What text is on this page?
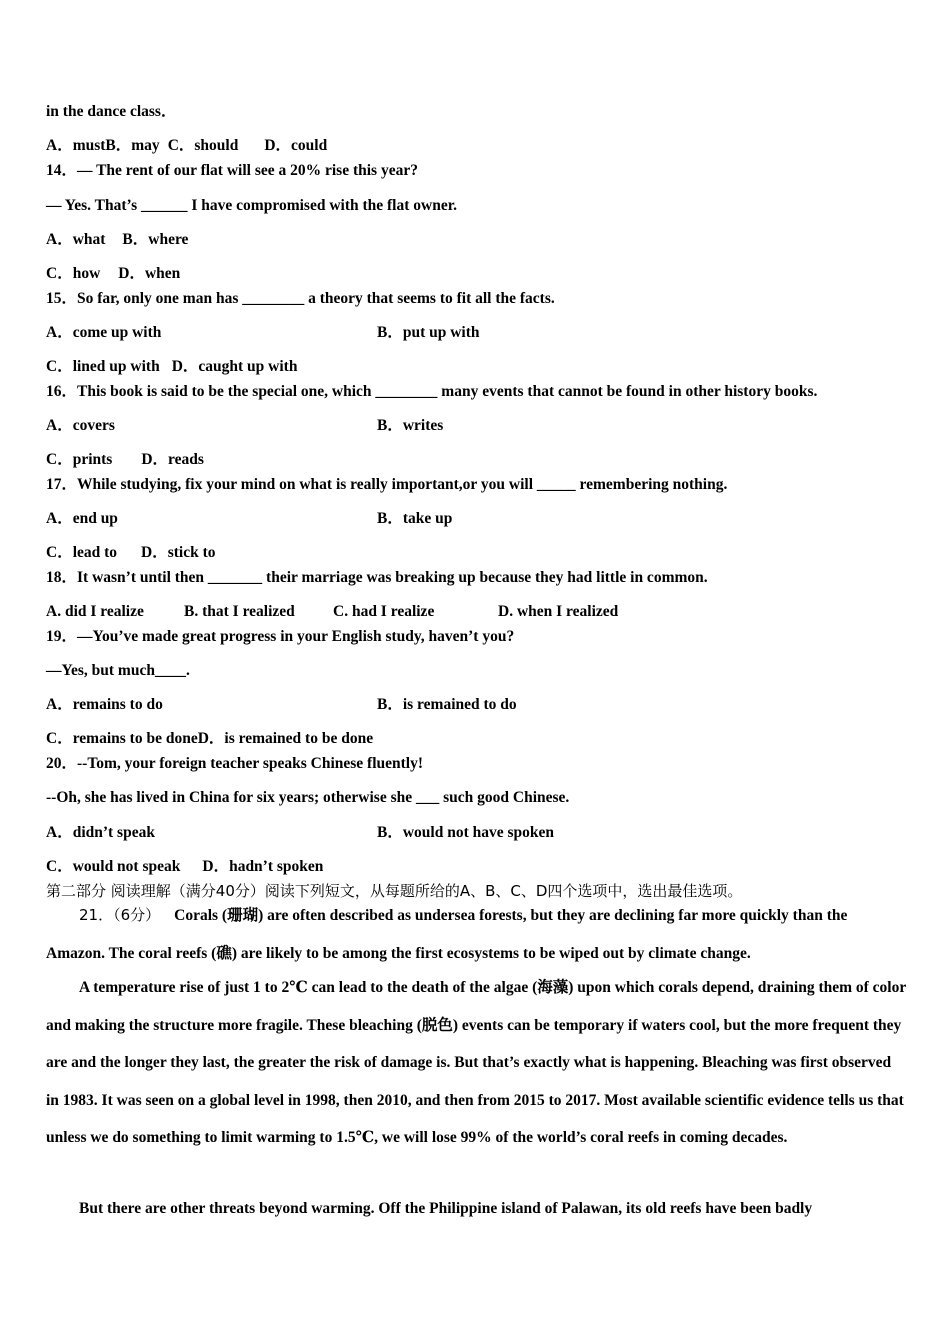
in the dance class．
A．mustB．may C．should D．could
14．— The rent of our flat will see a 20% rise this year?
— Yes. That’s ______ I have compromised with the flat owner.
A．what B．where
C．how D．when
15．So far, only one man has ________ a theory that seems to fit all the facts.
A．come up with	B．put up with
C．lined up with D．caught up with
16．This book is said to be the special one, which ________ many events that cannot be found in other history books.
A．covers	B．writes
C．prints D．reads
17．While studying, fix your mind on what is really important,or you will _____ remembering nothing.
A．end up	B．take up
C．lead to D．stick to
18．It wasn’t until then _______ their marriage was breaking up because they had little in common.
A. did I realize	B. that I realized C. had I realize	D. when I realized
19．—You’ve made great progress in your English study, haven’t you?
—Yes, but much____.
A．remains to do	B．is remained to do
C．remains to be doneD．is remained to be done
20．--Tom, your foreign teacher speaks Chinese fluently!
--Oh, she has lived in China for six years; otherwise she ___ such good Chinese.
A．didn’t speak	B．would not have spoken
C．would not speak D．hadn’t spoken
第二部分 阅读理解（满分40分）阅读下列短文，从每题所给的A、B、C、D四个选项中，选出最佳选项。
21．（6分） Corals (珊瑚) are often described as undersea forests, but they are declining far more quickly than the Amazon. The coral reefs (礁) are likely to be among the first ecosystems to be wiped out by climate change.
A temperature rise of just 1 to 2℃ can lead to the death of the algae (海藻) upon which corals depend, draining them of color and making the structure more fragile. These bleaching (脱色) events can be temporary if waters cool, but the more frequent they are and the longer they last, the greater the risk of damage is. But that’s exactly what is happening. Bleaching was first observed in 1983. It was seen on a global level in 1998, then 2010, and then from 2015 to 2017. Most available scientific evidence tells us that unless we do something to limit warming to 1.5℃, we will lose 99% of the world’s coral reefs in coming decades.
But there are other threats beyond warming. Off the Philippine island of Palawan, its old reefs have been badly
